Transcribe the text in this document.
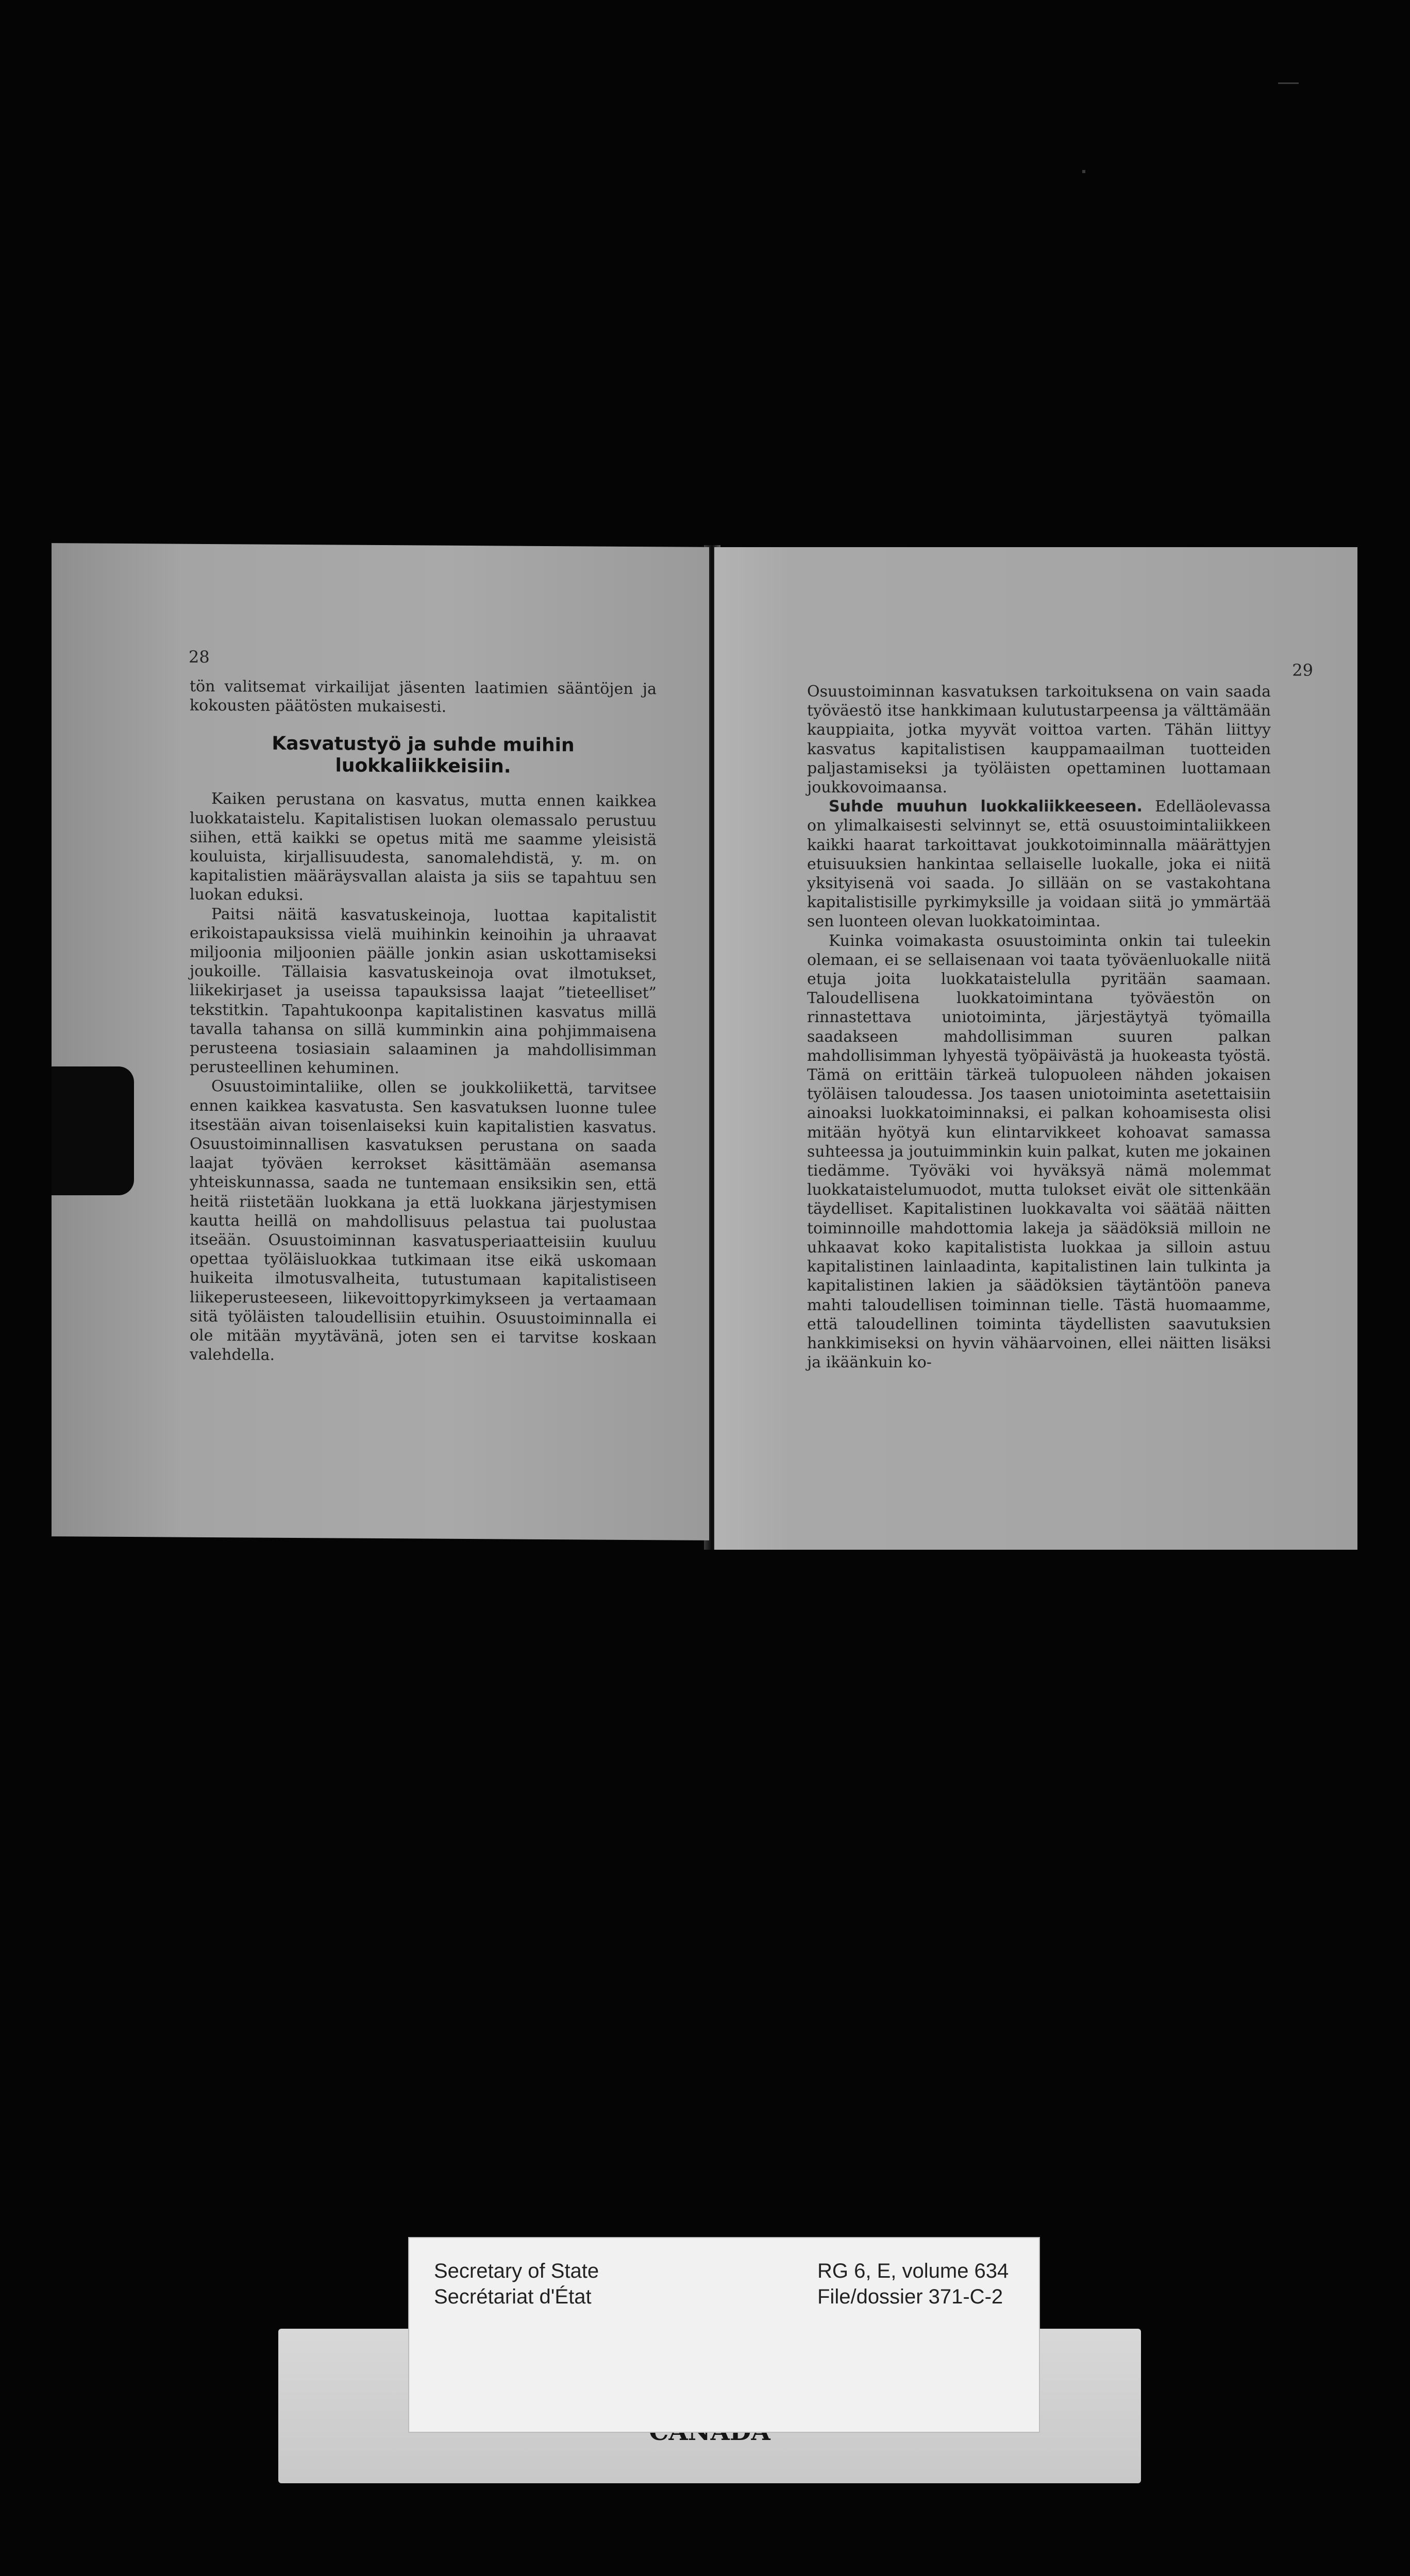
28

tön valitsemat virkailijat jäsenten laatimien sääntöjen ja kokousten päätösten mukaisesti.

Kasvatustyö ja suhde muihin luokkaliikkeisiin.

Kaiken perustana on kasvatus, mutta ennen kaikkea luokkataistelu. Kapitalistisen luokan olemassalo perustuu siihen, että kaikki se opetus mitä me saamme yleisistä kouluista, kirjallisuudesta, sanomalehdistä, y. m. on kapitalistien määräysvallan alaista ja siis se tapahtuu sen luokan eduksi.

Paitsi näitä kasvatuskeinoja, luottaa kapitalistit erikoistapauksissa vielä muihinkin keinoihin ja uhraavat miljoonia miljoonien päälle jonkin asian uskottamiseksi joukoille. Tällaisia kasvatuskeinoja ovat ilmotukset, liikekirjaset ja useissa tapauksissa laajat ”tieteelliset” tekstitkin. Tapahtukoonpa kapitalistinen kasvatus millä tavalla tahansa on sillä kumminkin aina pohjimmaisena perusteena tosiasiain salaaminen ja mahdollisimman perusteellinen kehuminen.

Osuustoimintaliike, ollen se joukkoliikettä, tarvitsee ennen kaikkea kasvatusta. Sen kasvatuksen luonne tulee itsestään aivan toisenlaiseksi kuin kapitalistien kasvatus. Osuustoiminnallisen kasvatuksen perustana on saada laajat työväen kerrokset käsittämään asemansa yhteiskunnassa, saada ne tuntemaan ensiksikin sen, että heitä riistetään luokkana ja että luokkana järjestymisen kautta heillä on mahdollisuus pelastua tai puolustaa itseään. Osuustoiminnan kasvatusperiaatteisiin kuuluu opettaa työläisluokkaa tutkimaan itse eikä uskomaan huikeita ilmotusvalheita, tutustumaan kapitalistiseen liikeperusteeseen, liikevoittopyrkimykseen ja vertaamaan sitä työläisten taloudellisiin etuihin. Osuustoiminnalla ei ole mitään myytävänä, joten sen ei tarvitse koskaan valehdella.

29

Osuustoiminnan kasvatuksen tarkoituksena on vain saada työväestö itse hankkimaan kulutustarpeensa ja välttämään kauppiaita, jotka myyvät voittoa varten. Tähän liittyy kasvatus kapitalistisen kauppamaailman tuotteiden paljastamiseksi ja työläisten opettaminen luottamaan joukkovoimaansa.

Suhde muuhun luokkaliikkeeseen. Edelläolevassa on ylimalkaisesti selvinnyt se, että osuustoimintaliikkeen kaikki haarat tarkoittavat joukkotoiminnalla määrättyjen etuisuuksien hankintaa sellaiselle luokalle, joka ei niitä yksityisenä voi saada. Jo sillään on se vastakohtana kapitalistisille pyrkimyksille ja voidaan siitä jo ymmärtää sen luonteen olevan luokkatoimintaa.

Kuinka voimakasta osuustoiminta onkin tai tuleekin olemaan, ei se sellaisenaan voi taata työväenluokalle niitä etuja joita luokkataistelulla pyritään saamaan. Taloudellisena luokkatoimintana työväestön on rinnastettava uniotoiminta, järjestäytyä työmailla saadakseen mahdollisimman suuren palkan mahdollisimman lyhyestä työpäivästä ja huokeasta työstä. Tämä on erittäin tärkeä tulopuoleen nähden jokaisen työläisen taloudessa. Jos taasen uniotoiminta asetettaisiin ainoaksi luokkatoiminnaksi, ei palkan kohoamisesta olisi mitään hyötyä kun elintarvikkeet kohoavat samassa suhteessa ja joutuimminkin kuin palkat, kuten me jokainen tiedämme. Työväki voi hyväksyä nämä molemmat luokkataistelumuodot, mutta tulokset eivät ole sittenkään täydelliset. Kapitalistinen luokkavalta voi säätää näitten toiminnoille mahdottomia lakeja ja säädöksiä milloin ne uhkaavat koko kapitalistista luokkaa ja silloin astuu kapitalistinen lainlaadinta, kapitalistinen lain tulkinta ja kapitalistinen lakien ja säädöksien täytäntöön paneva mahti taloudellisen toiminnan tielle. Tästä huomaamme, että taloudellinen toiminta täydellisten saavutuksien hankkimiseksi on hyvin vähäarvoinen, ellei näitten lisäksi ja ikäänkuin ko-

Secretary of State
Secrétariat d'État
RG 6, E, volume 634
File/dossier 371-C-2
